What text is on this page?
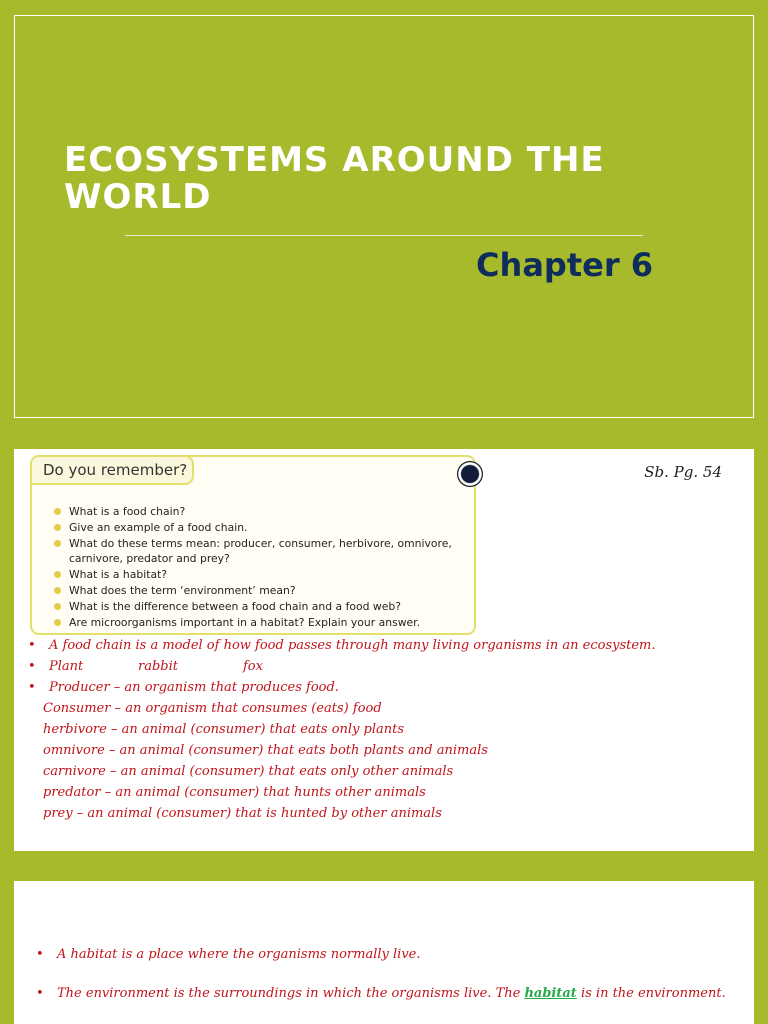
ECOSYSTEMS AROUND THE WORLD
Chapter 6
Do you remember?
What is a food chain?
Give an example of a food chain.
What do these terms mean: producer, consumer, herbivore, omnivore, carnivore, predator and prey?
What is a habitat?
What does the term ‘environment’ mean?
What is the difference between a food chain and a food web?
Are microorganisms important in a habitat? Explain your answer.
Sb. Pg. 54
• A food chain is a model of how food passes through many living organisms in an ecosystem.
• Plant	rabbit	fox
• Producer – an organism that produces food.
Consumer – an organism that consumes (eats) food
herbivore – an animal (consumer) that eats only plants
omnivore – an animal (consumer) that eats both plants and animals
carnivore – an animal (consumer) that eats only other animals
predator – an animal (consumer) that hunts other animals
prey – an animal (consumer) that is hunted by other animals
• A habitat is a place where the organisms normally live.
• The environment is the surroundings in which the organisms live. The habitat is in the environment.
